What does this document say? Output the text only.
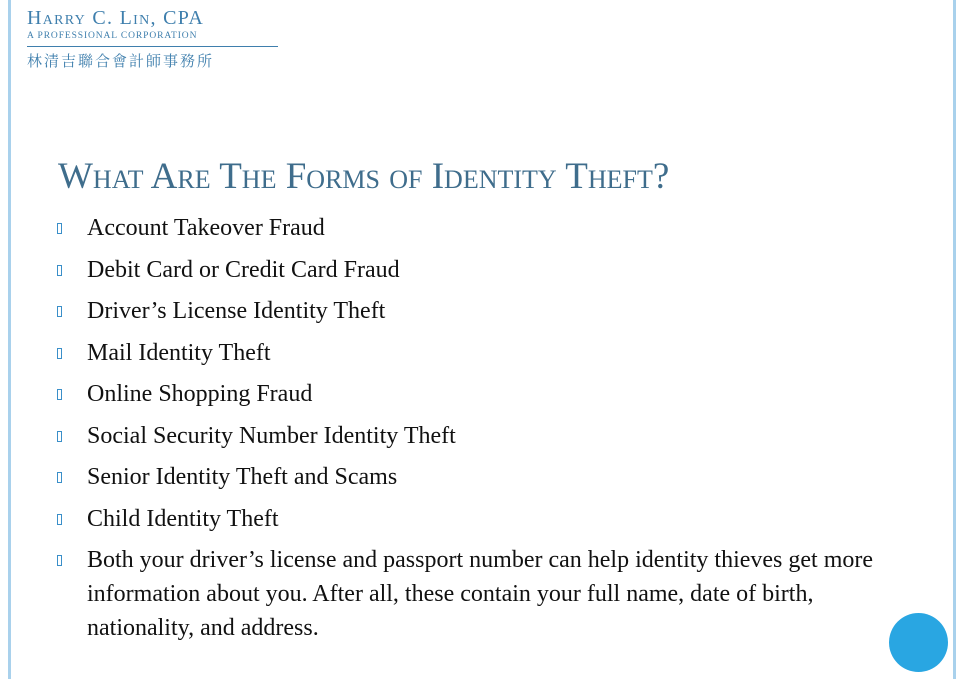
Harry C. Lin, CPA
A PROFESSIONAL CORPORATION
林清吉聯合會計師事務所
What Are The Forms of Identity Theft?
Account Takeover Fraud
Debit Card or Credit Card Fraud
Driver’s License Identity Theft
Mail Identity Theft
Online Shopping Fraud
Social Security Number Identity Theft
Senior Identity Theft and Scams
Child Identity Theft
Both your driver’s license and passport number can help identity thieves get more information about you. After all, these contain your full name, date of birth, nationality, and address.
